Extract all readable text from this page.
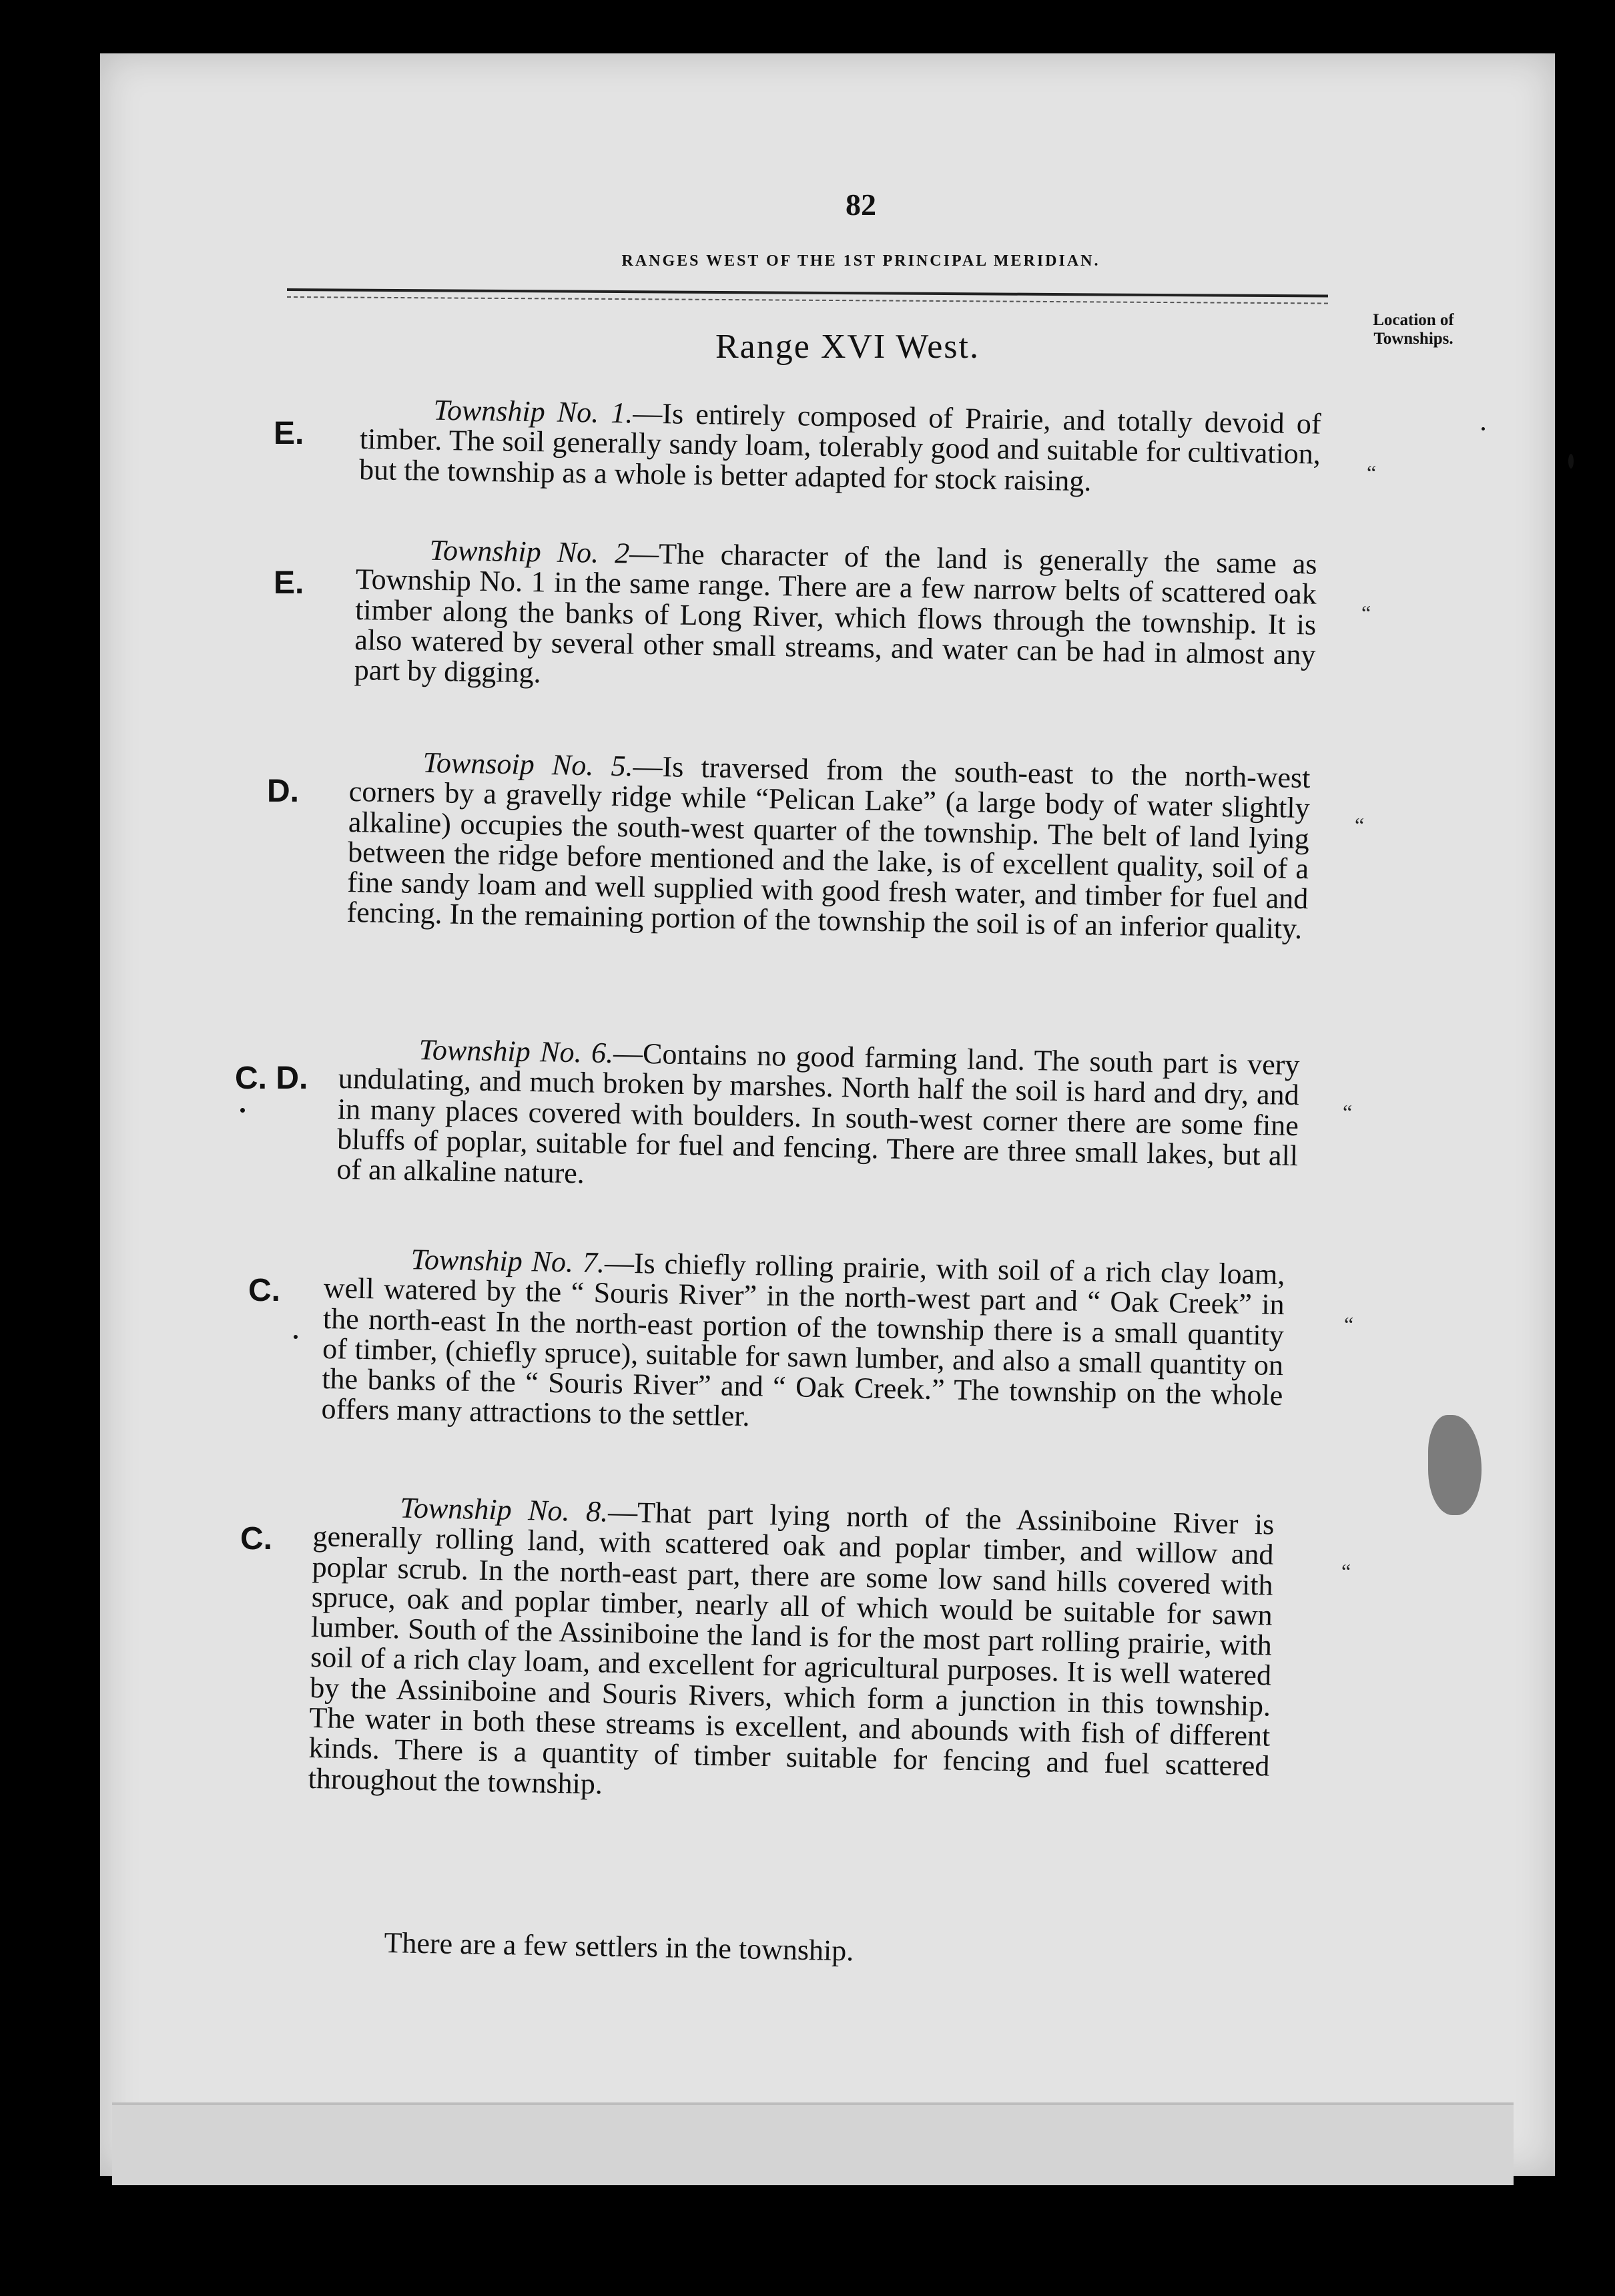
82
RANGES WEST OF THE 1ST PRINCIPAL MERIDIAN.
Location of Townships.
Range XVI West.
E.
“
Township No. 1.—Is entirely composed of Prairie, and totally devoid of timber. The soil generally sandy loam, tolerably good and suitable for cultivation, but the township as a whole is better adapted for stock raising.
E.
“
Township No. 2—The character of the land is generally the same as Township No. 1 in the same range. There are a few narrow belts of scattered oak timber along the banks of Long River, which flows through the township. It is also watered by several other small streams, and water can be had in almost any part by digging.
D.
“
Townsoip No. 5.—Is traversed from the south-east to the north-west corners by a gravelly ridge while “Pelican Lake” (a large body of water slightly alkaline) occupies the south-west quarter of the township. The belt of land lying between the ridge before mentioned and the lake, is of excellent quality, soil of a fine sandy loam and well supplied with good fresh water, and timber for fuel and fencing. In the remaining portion of the township the soil is of an inferior quality.
C. D.
“
Township No. 6.—Contains no good farming land. The south part is very undulating, and much broken by marshes. North half the soil is hard and dry, and in many places covered with boulders. In south-west corner there are some fine bluffs of poplar, suitable for fuel and fencing. There are three small lakes, but all of an alkaline nature.
C.
“
Township No. 7.—Is chiefly rolling prairie, with soil of a rich clay loam, well watered by the “ Souris River” in the north-west part and “ Oak Creek” in the north-east In the north-east portion of the township there is a small quantity of timber, (chiefly spruce), suitable for sawn lumber, and also a small quantity on the banks of the “ Souris River” and “ Oak Creek.” The township on the whole offers many attractions to the settler.
C.
“
Township No. 8.—That part lying north of the Assiniboine River is generally rolling land, with scattered oak and poplar timber, and willow and poplar scrub. In the north-east part, there are some low sand hills covered with spruce, oak and poplar timber, nearly all of which would be suitable for sawn lumber. South of the Assiniboine the land is for the most part rolling prairie, with soil of a rich clay loam, and excellent for agricultural purposes. It is well watered by the Assiniboine and Souris Rivers, which form a junction in this township. The water in both these streams is excellent, and abounds with fish of different kinds. There is a quantity of timber suitable for fencing and fuel scattered throughout the township.
There are a few settlers in the township.
